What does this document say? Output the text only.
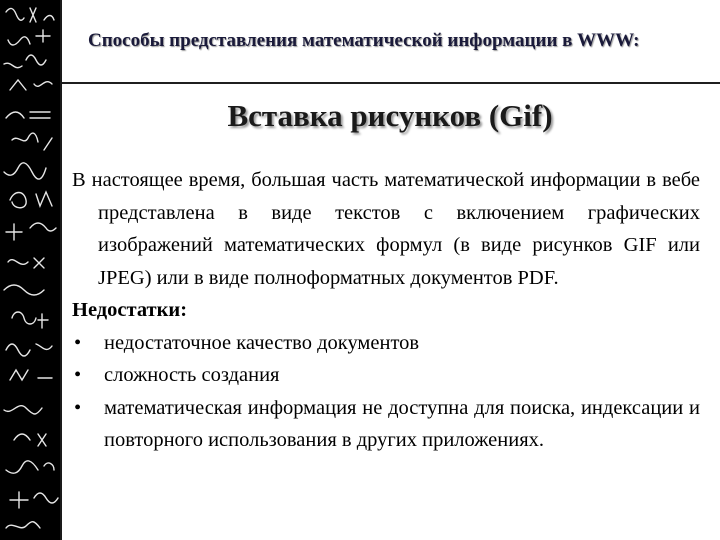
Способы представления математической информации в WWW:
Вставка рисунков (Gif)

В настоящее время, большая часть математической информации в вебе представлена в виде текстов с включением графических изображений математических формул (в виде рисунков GIF или JPEG) или в виде полноформатных документов PDF.

Недостатки:

•	недостаточное качество документов
•	сложность создания
•	математическая информация не доступна для поиска, индексации и повторного использования в других приложениях.
